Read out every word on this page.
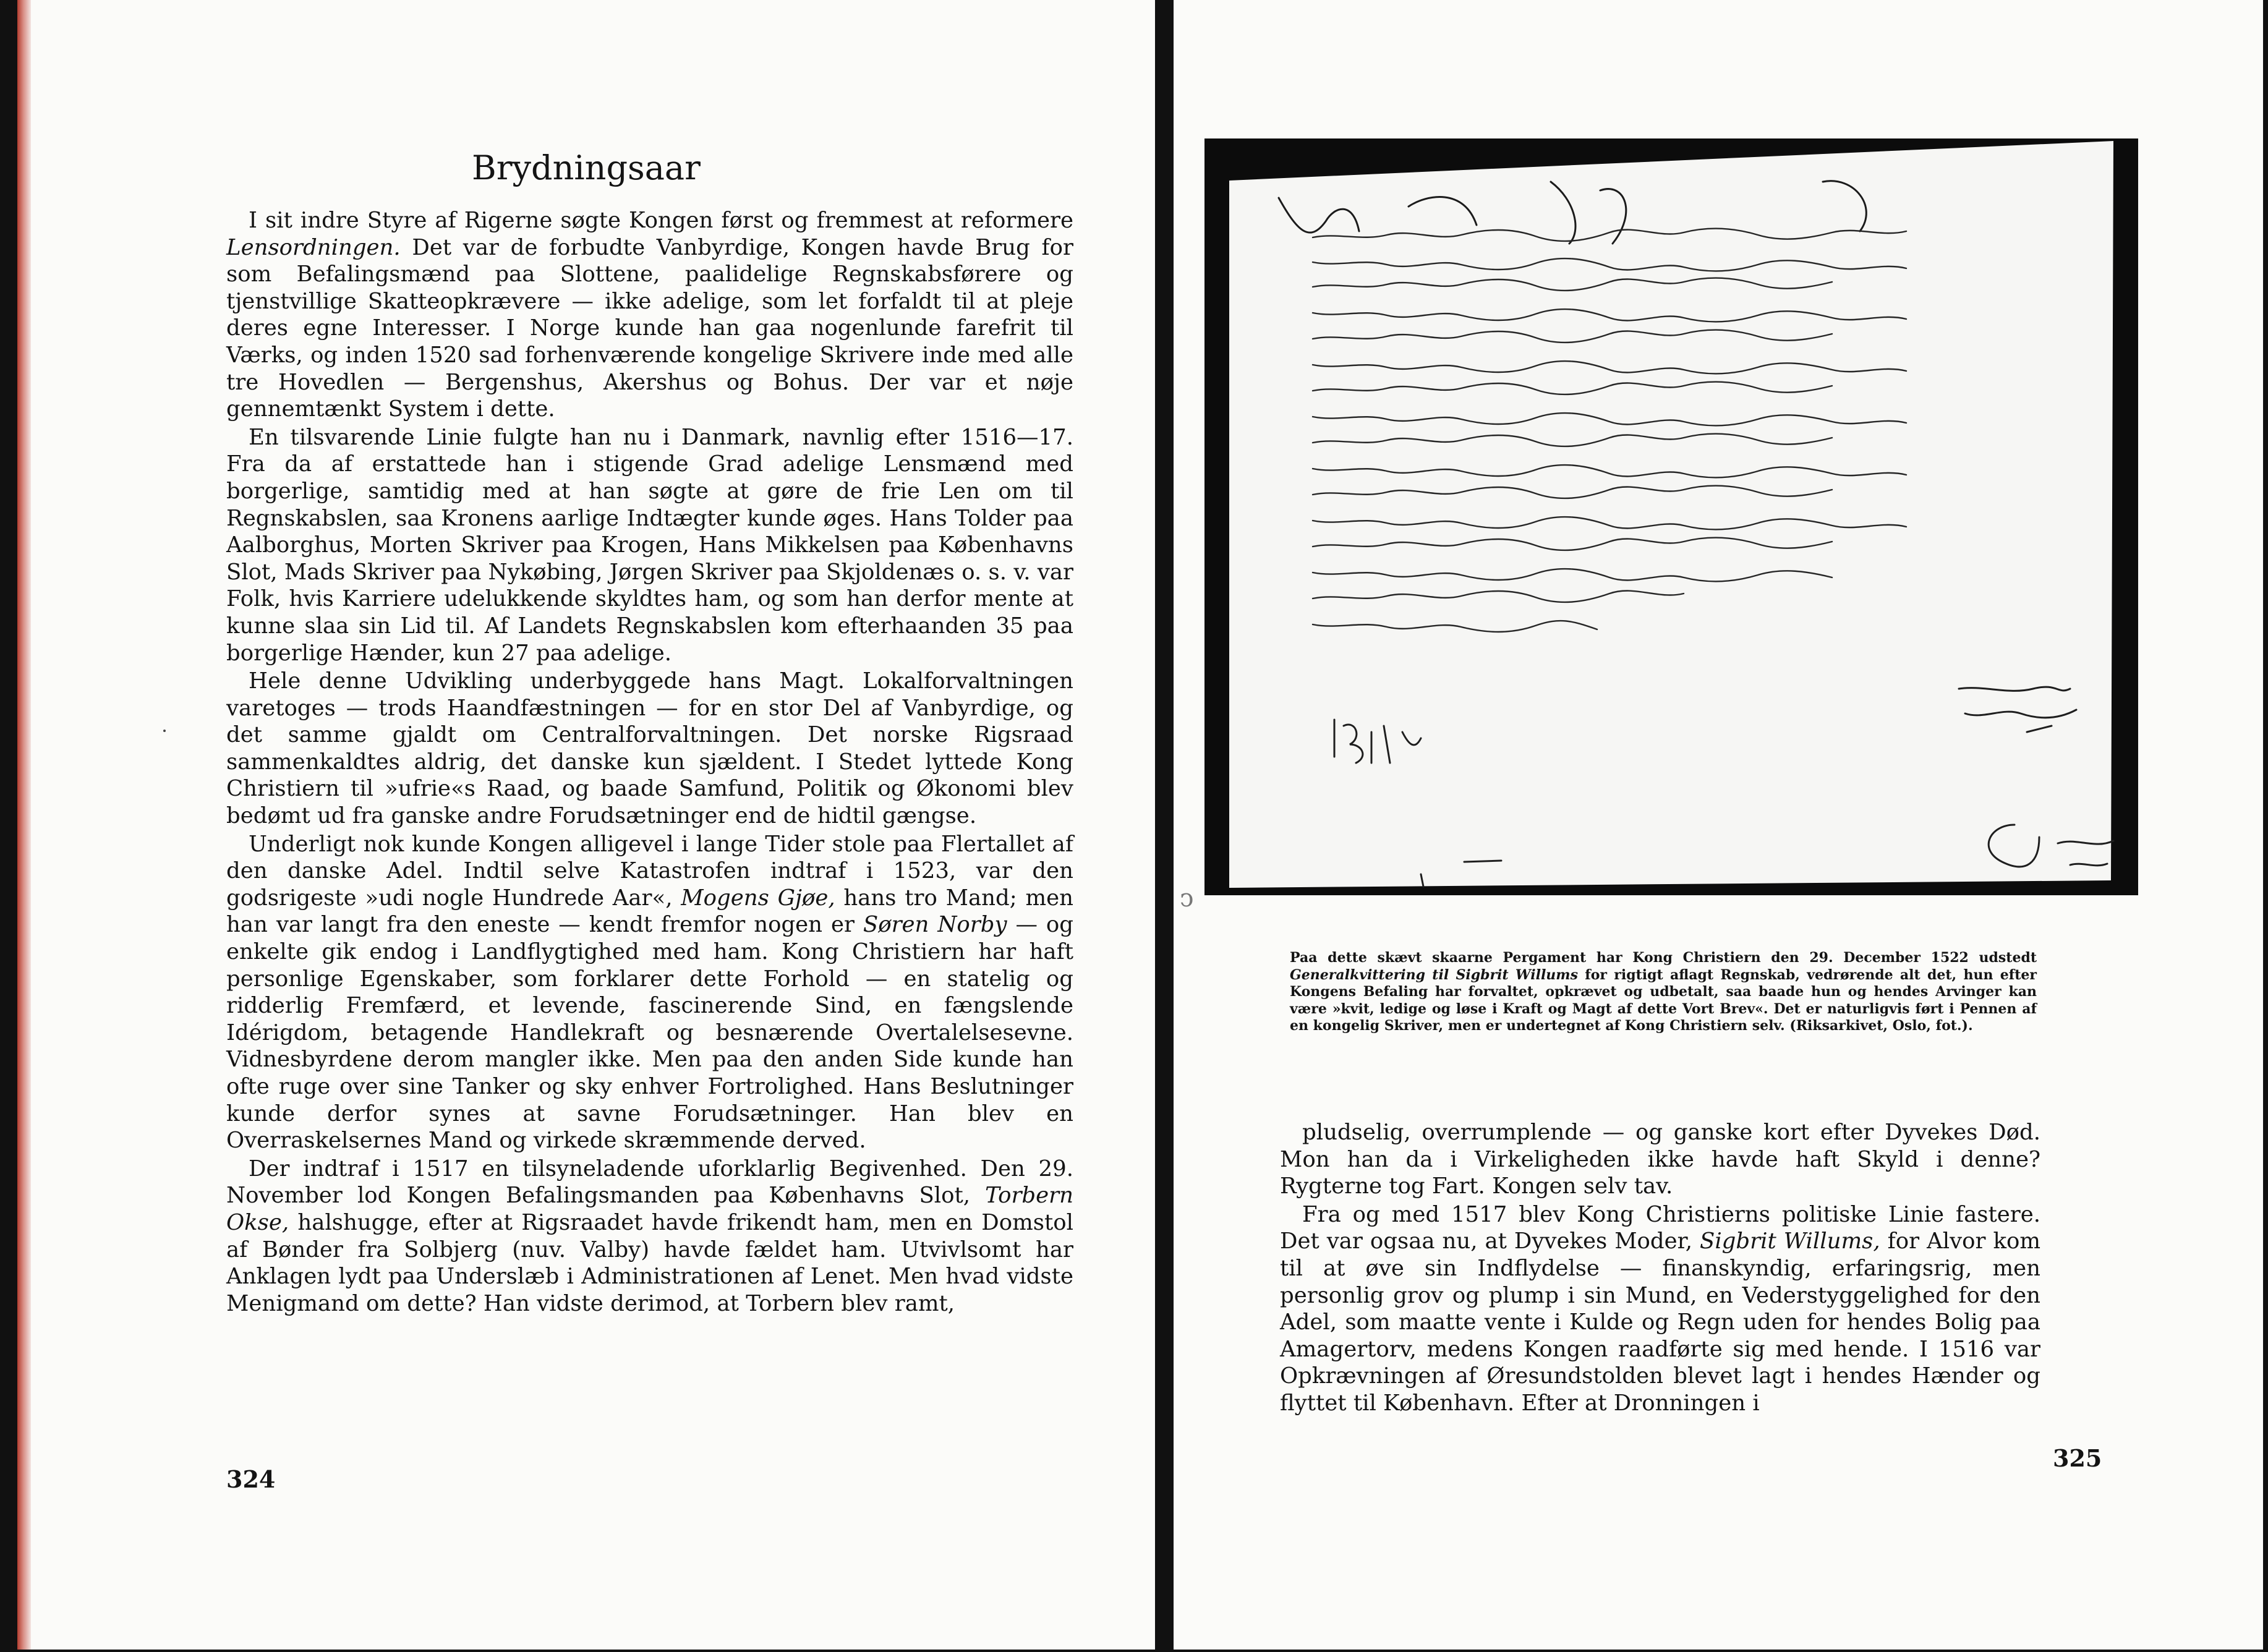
Brydningsaar

I sit indre Styre af Rigerne søgte Kongen først og fremmest at reformere Lensordningen. Det var de forbudte Vanbyrdige, Kongen havde Brug for som Befalingsmænd paa Slottene, paalidelige Regnskabsførere og tjenstvillige Skatteopkrævere — ikke adelige, som let forfaldt til at pleje deres egne Interesser. I Norge kunde han gaa nogenlunde farefrit til Værks, og inden 1520 sad forhenværende kongelige Skrivere inde med alle tre Hovedlen — Bergenshus, Akershus og Bohus. Der var et nøje gennemtænkt System i dette.

En tilsvarende Linie fulgte han nu i Danmark, navnlig efter 1516—17. Fra da af erstattede han i stigende Grad adelige Lensmænd med borgerlige, samtidig med at han søgte at gøre de frie Len om til Regnskabslen, saa Kronens aarlige Indtægter kunde øges. Hans Tolder paa Aalborghus, Morten Skriver paa Krogen, Hans Mikkelsen paa Københavns Slot, Mads Skriver paa Nykøbing, Jørgen Skriver paa Skjoldenæs o. s. v. var Folk, hvis Karriere udelukkende skyldtes ham, og som han derfor mente at kunne slaa sin Lid til. Af Landets Regnskabslen kom efterhaanden 35 paa borgerlige Hænder, kun 27 paa adelige.

Hele denne Udvikling underbyggede hans Magt. Lokalforvaltningen varetoges — trods Haandfæstningen — for en stor Del af Vanbyrdige, og det samme gjaldt om Centralforvaltningen. Det norske Rigsraad sammenkaldtes aldrig, det danske kun sjældent. I Stedet lyttede Kong Christiern til »ufrie«s Raad, og baade Samfund, Politik og Økonomi blev bedømt ud fra ganske andre Forudsætninger end de hidtil gængse.

Underligt nok kunde Kongen alligevel i lange Tider stole paa Flertallet af den danske Adel. Indtil selve Katastrofen indtraf i 1523, var den godsrigeste »udi nogle Hundrede Aar«, Mogens Gjøe, hans tro Mand; men han var langt fra den eneste — kendt fremfor nogen er Søren Norby — og enkelte gik endog i Landflygtighed med ham. Kong Christiern har haft personlige Egenskaber, som forklarer dette Forhold — en statelig og ridderlig Fremfærd, et levende, fascinerende Sind, en fængslende Idérigdom, betagende Handlekraft og besnærende Overtalelsesevne. Vidnesbyrdene derom mangler ikke. Men paa den anden Side kunde han ofte ruge over sine Tanker og sky enhver Fortrolighed. Hans Beslutninger kunde derfor synes at savne Forudsætninger. Han blev en Overraskelsernes Mand og virkede skræmmende derved.

Der indtraf i 1517 en tilsyneladende uforklarlig Begivenhed. Den 29. November lod Kongen Befalingsmanden paa Københavns Slot, Torbern Okse, halshugge, efter at Rigsraadet havde frikendt ham, men en Domstol af Bønder fra Solbjerg (nuv. Valby) havde fældet ham. Utvivlsomt har Anklagen lydt paa Underslæb i Administrationen af Lenet. Men hvad vidste Menigmand om dette? Han vidste derimod, at Torbern blev ramt,

324
ↄ
Paa dette skævt skaarne Pergament har Kong Christiern den 29. December 1522 udstedt Generalkvittering til Sigbrit Willums for rigtigt aflagt Regnskab, vedrørende alt det, hun efter Kongens Befaling har forvaltet, opkrævet og udbetalt, saa baade hun og hendes Arvinger kan være »kvit, ledige og løse i Kraft og Magt af dette Vort Brev«. Det er naturligvis ført i Pennen af en kongelig Skriver, men er undertegnet af Kong Christiern selv. (Riksarkivet, Oslo, fot.).

pludselig, overrumplende — og ganske kort efter Dyvekes Død. Mon han da i Virkeligheden ikke havde haft Skyld i denne? Rygterne tog Fart. Kongen selv tav.

Fra og med 1517 blev Kong Christierns politiske Linie fastere. Det var ogsaa nu, at Dyvekes Moder, Sigbrit Willums, for Alvor kom til at øve sin Indflydelse — finanskyndig, erfaringsrig, men personlig grov og plump i sin Mund, en Vederstyggelighed for den Adel, som maatte vente i Kulde og Regn uden for hendes Bolig paa Amagertorv, medens Kongen raadførte sig med hende. I 1516 var Opkrævningen af Øresundstolden blevet lagt i hendes Hænder og flyttet til København. Efter at Dronningen i

325
